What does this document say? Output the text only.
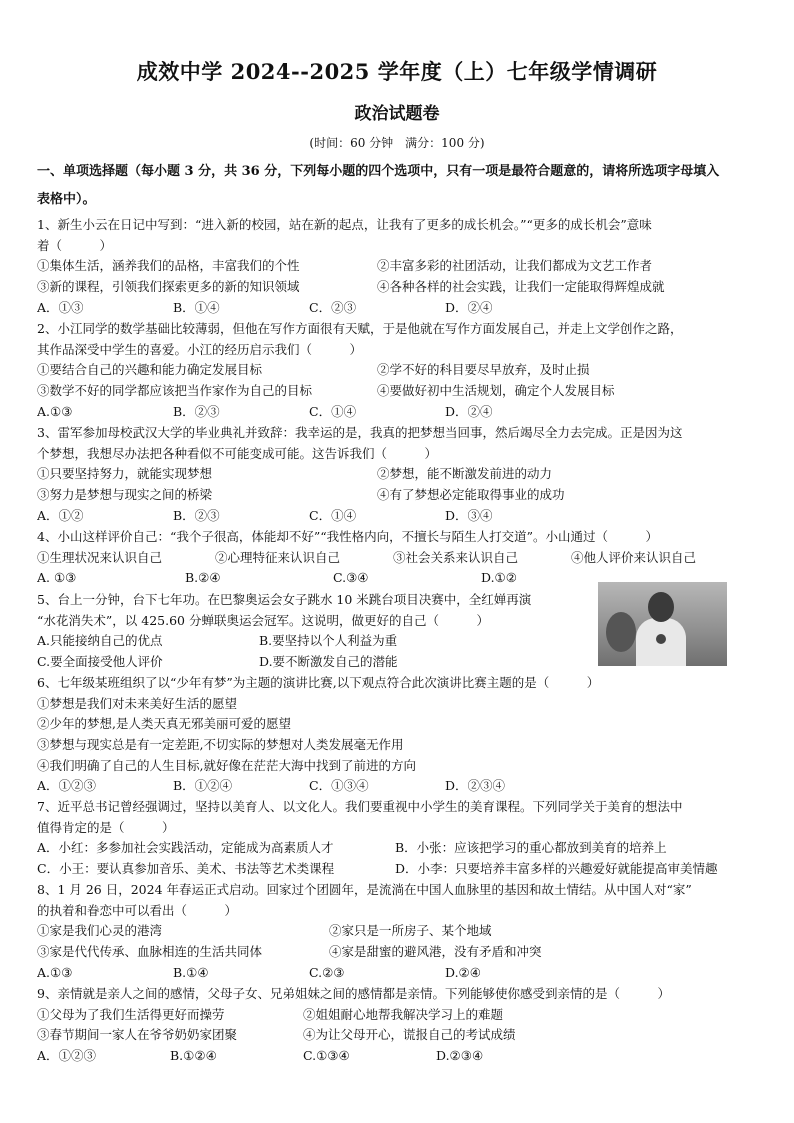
成效中学 2024--2025 学年度（上）七年级学情调研
政治试题卷
(时间：60 分钟　满分：100 分)
一、单项选择题（每小题 3 分，共 36 分，下列每小题的四个选项中，只有一项是最符合题意的，请将所选项字母填入
表格中）。
1、新生小云在日记中写到：“进入新的校园，站在新的起点，让我有了更多的成长机会。”“更多的成长机会”意味
着（　　　）
①集体生活，涵养我们的品格，丰富我们的个性	②丰富多彩的社团活动，让我们都成为文艺工作者
③新的课程，引领我们探索更多的新的知识领域	④各种各样的社会实践，让我们一定能取得辉煌成就
A．①③	B．①④	C．②③	D．②④
2、小江同学的数学基础比较薄弱，但他在写作方面很有天赋，于是他就在写作方面发展自己，并走上文学创作之路，
其作品深受中学生的喜爱。小江的经历启示我们（　　　）
①要结合自己的兴趣和能力确定发展目标	②学不好的科目要尽早放弃，及时止损
③数学不好的同学都应该把当作家作为自己的目标	④要做好初中生活规划，确定个人发展目标
A.①③	B．②③	C．①④	D．②④
3、雷军参加母校武汉大学的毕业典礼并致辞：我幸运的是，我真的把梦想当回事，然后竭尽全力去完成。正是因为这
个梦想，我想尽办法把各种看似不可能变成可能。这告诉我们（　　　）
①只要坚持努力，就能实现梦想	②梦想，能不断激发前进的动力
③努力是梦想与现实之间的桥梁	④有了梦想必定能取得事业的成功
A．①②	B．②③	C．①④	D．③④
4、小山这样评价自己：“我个子很高，体能却不好”“我性格内向，不擅长与陌生人打交道”。小山通过（　　　）
①生理状况来认识自己	②心理特征来认识自己	③社会关系来认识自己	④他人评价来认识自己
A. ①③	B.②④	C.③④	D.①②
5、台上一分钟，台下七年功。在巴黎奥运会女子跳水 10 米跳台项目决赛中，全红婵再演
“水花消失术”，以 425.60 分蝉联奥运会冠军。这说明，做更好的自己（　　　）
A.只能接纳自己的优点	B.要坚持以个人利益为重
C.要全面接受他人评价	D.要不断激发自己的潜能
6、七年级某班组织了以“少年有梦”为主题的演讲比赛,以下观点符合此次演讲比赛主题的是（　　　）
①梦想是我们对未来美好生活的愿望
②少年的梦想,是人类天真无邪美丽可爱的愿望
③梦想与现实总是有一定差距,不切实际的梦想对人类发展毫无作用
④我们明确了自己的人生目标,就好像在茫茫大海中找到了前进的方向
A．①②③	B．①②④	C．①③④	D．②③④
7、近平总书记曾经强调过，坚持以美育人、以文化人。我们要重视中小学生的美育课程。下列同学关于美育的想法中
值得肯定的是（　　　）
A．小红：多参加社会实践活动，定能成为高素质人才	B．小张：应该把学习的重心都放到美育的培养上
C．小王：要认真参加音乐、美术、书法等艺术类课程	D．小李：只要培养丰富多样的兴趣爱好就能提高审美情趣
8、1 月 26 日，2024 年春运正式启动。回家过个团圆年，是流淌在中国人血脉里的基因和故土情结。从中国人对“家”
的执着和眷恋中可以看出（　　　）
①家是我们心灵的港湾	②家只是一所房子、某个地域
③家是代代传承、血脉相连的生活共同体	④家是甜蜜的避风港，没有矛盾和冲突
A.①③	B.①④	C.②③	D.②④
9、亲情就是亲人之间的感情，父母子女、兄弟姐妹之间的感情都是亲情。下列能够使你感受到亲情的是（　　　）
①父母为了我们生活得更好而操劳	②姐姐耐心地帮我解决学习上的难题
③春节期间一家人在爷爷奶奶家团聚	④为让父母开心，谎报自己的考试成绩
A．①②③	B.①②④	C.①③④	D.②③④
